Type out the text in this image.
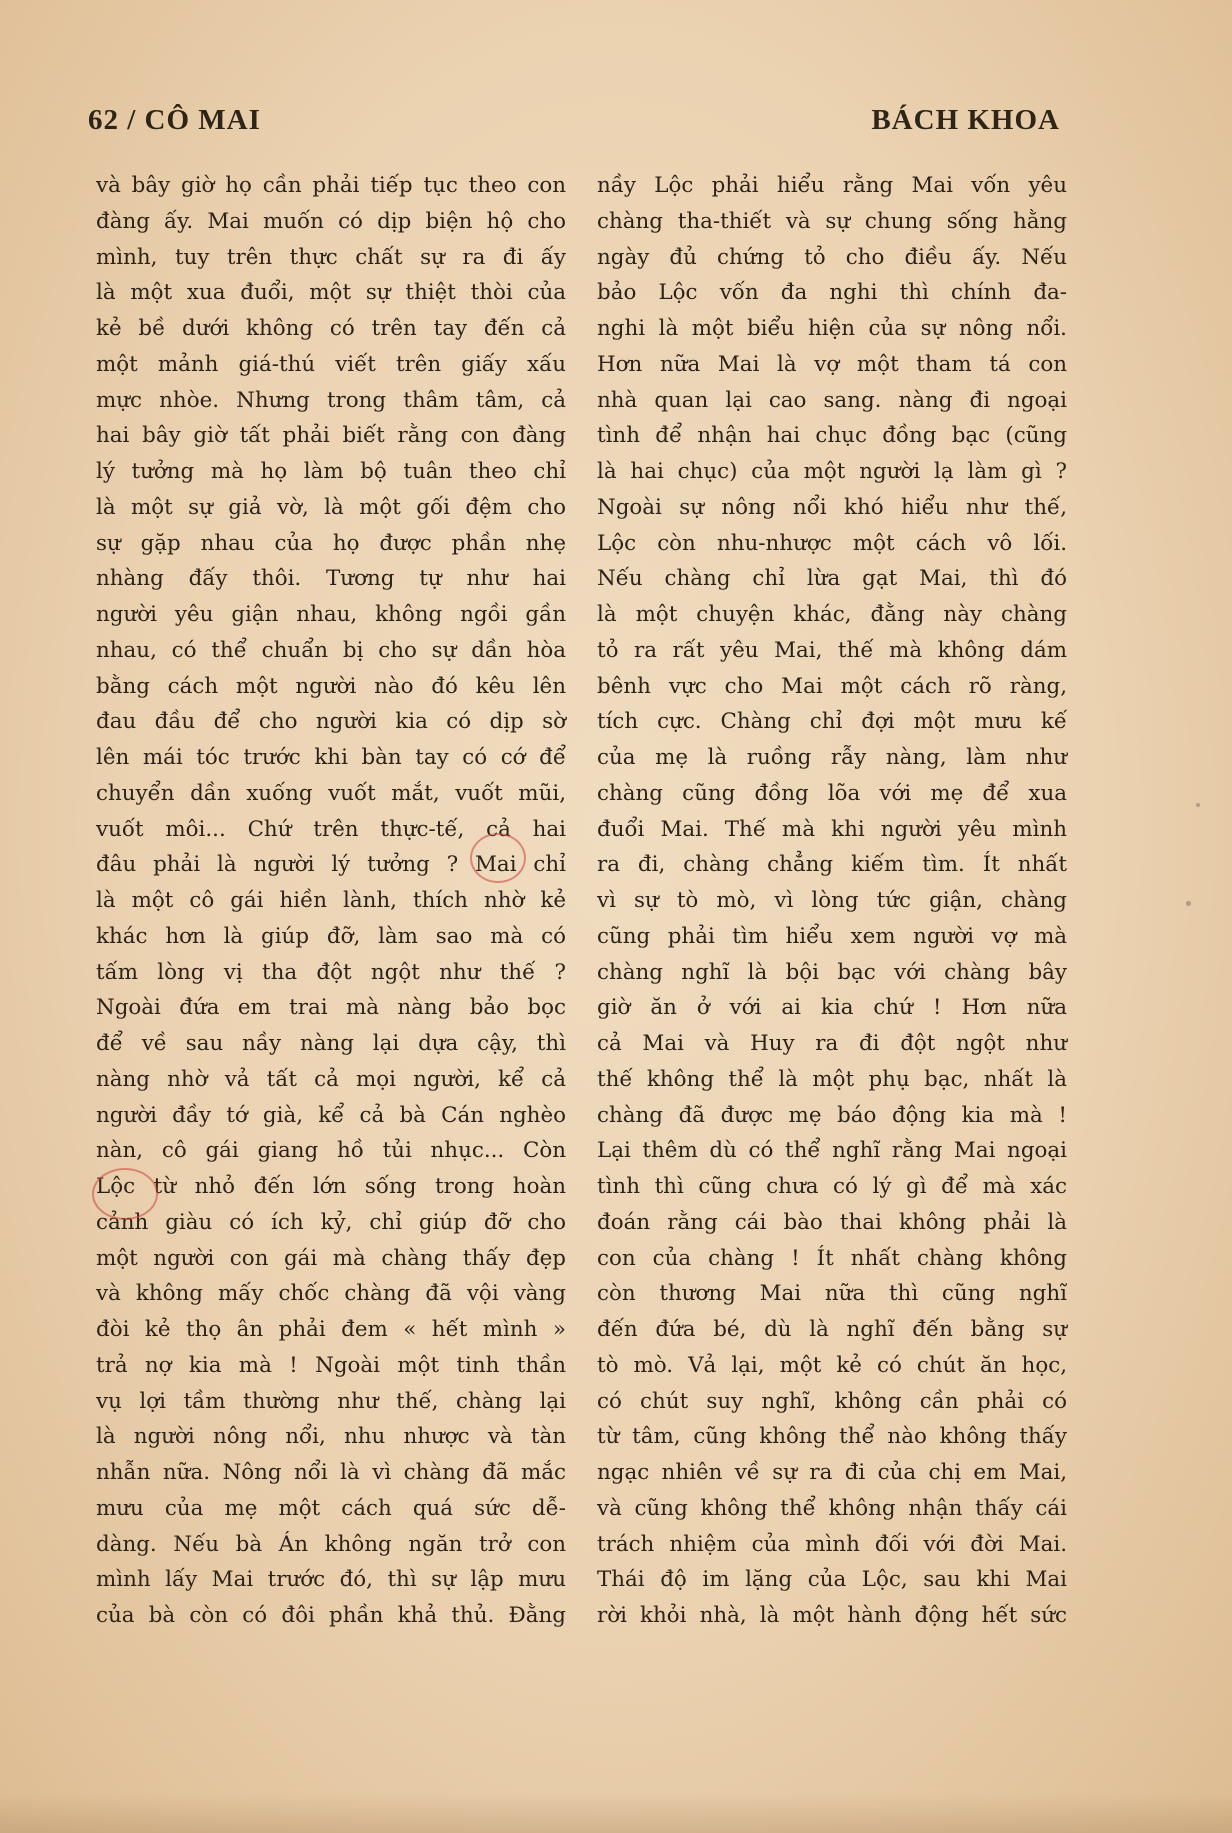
62 / CÔ MAI	BÁCH KHOA
và bây giờ họ cần phải tiếp tục theo con
đàng ấy. Mai muốn có dịp biện hộ cho
mình, tuy trên thực chất sự ra đi ấy
là một xua đuổi, một sự thiệt thòi của
kẻ bề dưới không có trên tay đến cả
một mảnh giá-thú viết trên giấy xấu
mực nhòe. Nhưng trong thâm tâm, cả
hai bây giờ tất phải biết rằng con đàng
lý tưởng mà họ làm bộ tuân theo chỉ
là một sự giả vờ, là một gối đệm cho
sự gặp nhau của họ được phần nhẹ
nhàng đấy thôi. Tương tự như hai
người yêu giận nhau, không ngồi gần
nhau, có thể chuẩn bị cho sự dần hòa
bằng cách một người nào đó kêu lên
đau đầu để cho người kia có dịp sờ
lên mái tóc trước khi bàn tay có cớ để
chuyển dần xuống vuốt mắt, vuốt mũi,
vuốt môi... Chứ trên thực-tế, cả hai
đâu phải là người lý tưởng ? Mai chỉ
là một cô gái hiền lành, thích nhờ kẻ
khác hơn là giúp đỡ, làm sao mà có
tấm lòng vị tha đột ngột như thế ?
Ngoài đứa em trai mà nàng bảo bọc
để về sau nầy nàng lại dựa cậy, thì
nàng nhờ vả tất cả mọi người, kể cả
người đầy tớ già, kể cả bà Cán nghèo
nàn, cô gái giang hồ tủi nhục... Còn
Lộc từ nhỏ đến lớn sống trong hoàn
cảnh giàu có ích kỷ, chỉ giúp đỡ cho
một người con gái mà chàng thấy đẹp
và không mấy chốc chàng đã vội vàng
đòi kẻ thọ ân phải đem « hết mình »
trả nợ kia mà ! Ngoài một tinh thần
vụ lợi tầm thường như thế, chàng lại
là người nông nổi, nhu nhược và tàn
nhẫn nữa. Nông nổi là vì chàng đã mắc
mưu của mẹ một cách quá sức dễ-
dàng. Nếu bà Án không ngăn trở con
mình lấy Mai trước đó, thì sự lập mưu
của bà còn có đôi phần khả thủ. Đằng
nầy Lộc phải hiểu rằng Mai vốn yêu
chàng tha-thiết và sự chung sống hằng
ngày đủ chứng tỏ cho điều ấy. Nếu
bảo Lộc vốn đa nghi thì chính đa-
nghi là một biểu hiện của sự nông nổi.
Hơn nữa Mai là vợ một tham tá con
nhà quan lại cao sang. nàng đi ngoại
tình để nhận hai chục đồng bạc (cũng
là hai chục) của một người lạ làm gì ?
Ngoài sự nông nổi khó hiểu như thế,
Lộc còn nhu-nhược một cách vô lối.
Nếu chàng chỉ lừa gạt Mai, thì đó
là một chuyện khác, đằng này chàng
tỏ ra rất yêu Mai, thế mà không dám
bênh vực cho Mai một cách rõ ràng,
tích cực. Chàng chỉ đợi một mưu kế
của mẹ là ruồng rẫy nàng, làm như
chàng cũng đồng lõa với mẹ để xua
đuổi Mai. Thế mà khi người yêu mình
ra đi, chàng chẳng kiếm tìm. Ít nhất
vì sự tò mò, vì lòng tức giận, chàng
cũng phải tìm hiểu xem người vợ mà
chàng nghĩ là bội bạc với chàng bây
giờ ăn ở với ai kia chứ ! Hơn nữa
cả Mai và Huy ra đi đột ngột như
thế không thể là một phụ bạc, nhất là
chàng đã được mẹ báo động kia mà !
Lại thêm dù có thể nghĩ rằng Mai ngoại
tình thì cũng chưa có lý gì để mà xác
đoán rằng cái bào thai không phải là
con của chàng ! Ít nhất chàng không
còn thương Mai nữa thì cũng nghĩ
đến đứa bé, dù là nghĩ đến bằng sự
tò mò. Vả lại, một kẻ có chút ăn học,
có chút suy nghĩ, không cần phải có
từ tâm, cũng không thể nào không thấy
ngạc nhiên về sự ra đi của chị em Mai,
và cũng không thể không nhận thấy cái
trách nhiệm của mình đối với đời Mai.
Thái độ im lặng của Lộc, sau khi Mai
rời khỏi nhà, là một hành động hết sức
